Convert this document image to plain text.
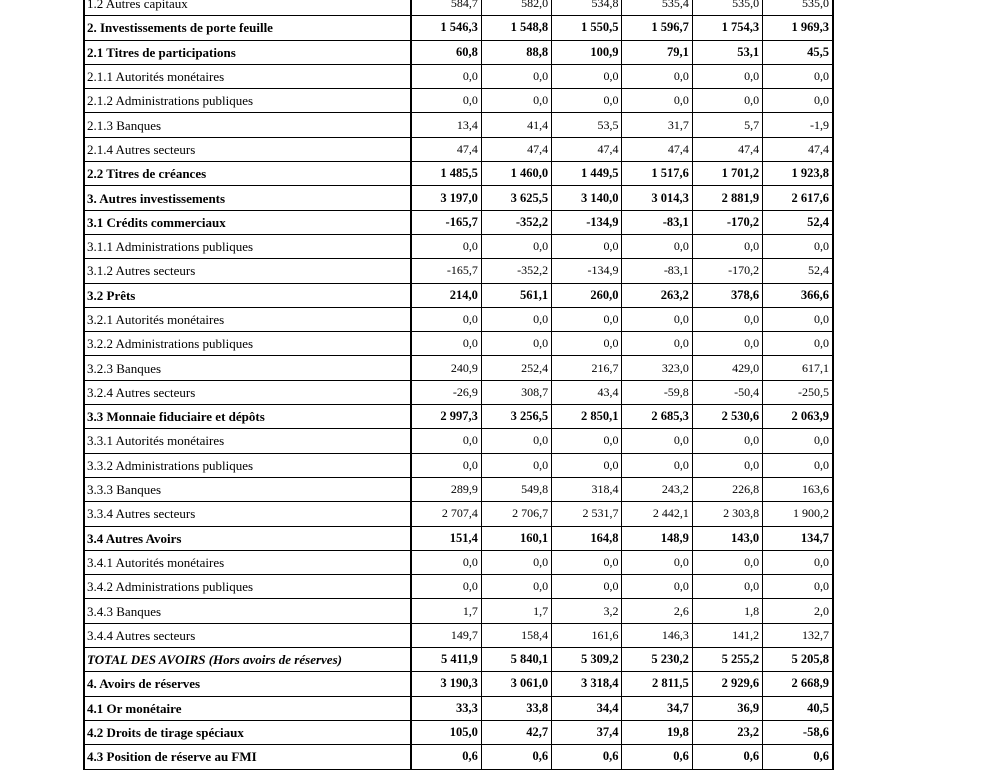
1.2 Autres capitaux	584,7	582,0	534,8	535,4	535,0	535,0
2. Investissements de porte feuille	1 546,3	1 548,8	1 550,5	1 596,7	1 754,3	1 969,3
2.1 Titres de participations	60,8	88,8	100,9	79,1	53,1	45,5
2.1.1 Autorités monétaires	0,0	0,0	0,0	0,0	0,0	0,0
2.1.2 Administrations publiques	0,0	0,0	0,0	0,0	0,0	0,0
2.1.3 Banques	13,4	41,4	53,5	31,7	5,7	-1,9
2.1.4 Autres secteurs	47,4	47,4	47,4	47,4	47,4	47,4
2.2 Titres de créances	1 485,5	1 460,0	1 449,5	1 517,6	1 701,2	1 923,8
3. Autres investissements	3 197,0	3 625,5	3 140,0	3 014,3	2 881,9	2 617,6
3.1 Crédits commerciaux	-165,7	-352,2	-134,9	-83,1	-170,2	52,4
3.1.1 Administrations publiques	0,0	0,0	0,0	0,0	0,0	0,0
3.1.2 Autres secteurs	-165,7	-352,2	-134,9	-83,1	-170,2	52,4
3.2 Prêts	214,0	561,1	260,0	263,2	378,6	366,6
3.2.1 Autorités monétaires	0,0	0,0	0,0	0,0	0,0	0,0
3.2.2 Administrations publiques	0,0	0,0	0,0	0,0	0,0	0,0
3.2.3 Banques	240,9	252,4	216,7	323,0	429,0	617,1
3.2.4 Autres secteurs	-26,9	308,7	43,4	-59,8	-50,4	-250,5
3.3 Monnaie fiduciaire et dépôts	2 997,3	3 256,5	2 850,1	2 685,3	2 530,6	2 063,9
3.3.1 Autorités monétaires	0,0	0,0	0,0	0,0	0,0	0,0
3.3.2 Administrations publiques	0,0	0,0	0,0	0,0	0,0	0,0
3.3.3 Banques	289,9	549,8	318,4	243,2	226,8	163,6
3.3.4 Autres secteurs	2 707,4	2 706,7	2 531,7	2 442,1	2 303,8	1 900,2
3.4 Autres Avoirs	151,4	160,1	164,8	148,9	143,0	134,7
3.4.1 Autorités monétaires	0,0	0,0	0,0	0,0	0,0	0,0
3.4.2 Administrations publiques	0,0	0,0	0,0	0,0	0,0	0,0
3.4.3 Banques	1,7	1,7	3,2	2,6	1,8	2,0
3.4.4 Autres secteurs	149,7	158,4	161,6	146,3	141,2	132,7
TOTAL DES AVOIRS (Hors avoirs de réserves)	5 411,9	5 840,1	5 309,2	5 230,2	5 255,2	5 205,8
4. Avoirs de réserves	3 190,3	3 061,0	3 318,4	2 811,5	2 929,6	2 668,9
4.1 Or monétaire	33,3	33,8	34,4	34,7	36,9	40,5
4.2 Droits de tirage spéciaux	105,0	42,7	37,4	19,8	23,2	-58,6
4.3 Position de réserve au FMI	0,6	0,6	0,6	0,6	0,6	0,6
